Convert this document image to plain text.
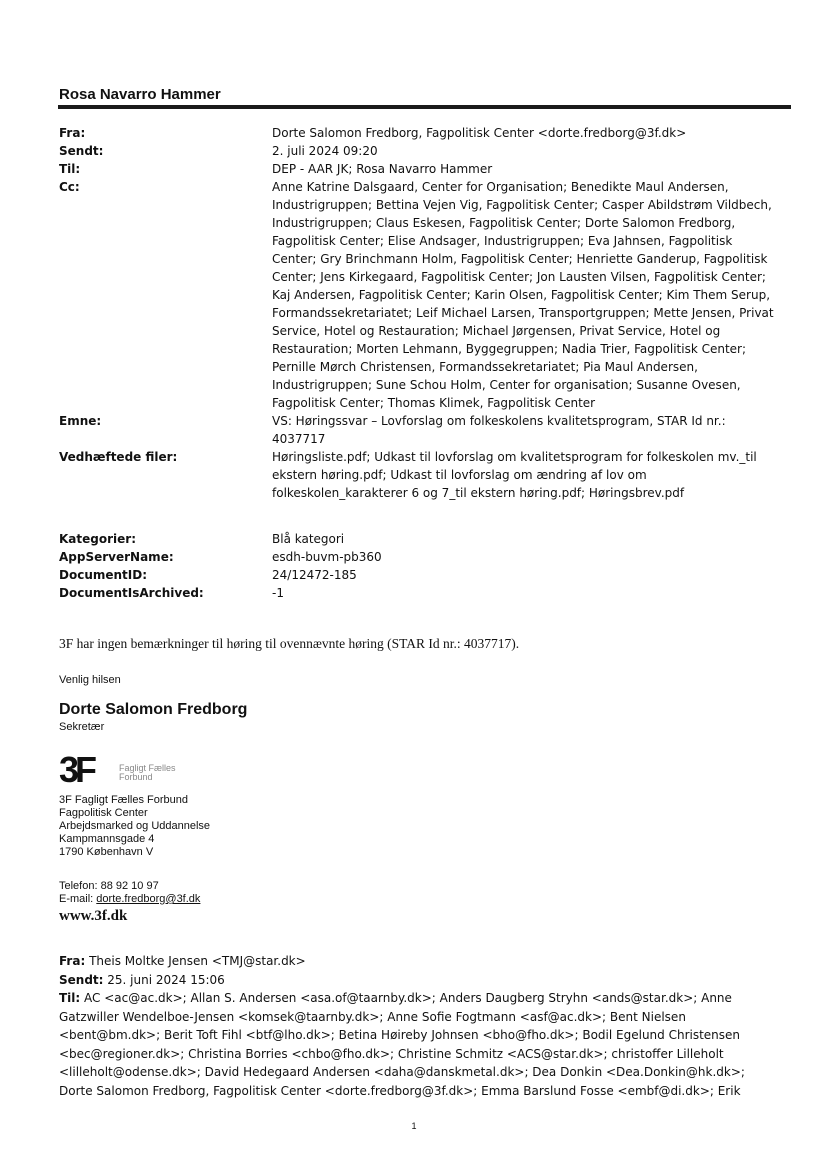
Rosa Navarro Hammer
Fra:	Dorte Salomon Fredborg, Fagpolitisk Center <dorte.fredborg@3f.dk>
Sendt:	2. juli 2024 09:20
Til:	DEP - AAR JK; Rosa Navarro Hammer
Cc:	Anne Katrine Dalsgaard, Center for Organisation; Benedikte Maul Andersen,
Industrigruppen; Bettina Vejen Vig, Fagpolitisk Center; Casper Abildstrøm Vildbech,
Industrigruppen; Claus Eskesen, Fagpolitisk Center; Dorte Salomon Fredborg,
Fagpolitisk Center; Elise Andsager, Industrigruppen; Eva Jahnsen, Fagpolitisk
Center; Gry Brinchmann Holm, Fagpolitisk Center; Henriette Ganderup, Fagpolitisk
Center; Jens Kirkegaard, Fagpolitisk Center; Jon Lausten Vilsen, Fagpolitisk Center;
Kaj Andersen, Fagpolitisk Center; Karin Olsen, Fagpolitisk Center; Kim Them Serup,
Formandssekretariatet; Leif Michael Larsen, Transportgruppen; Mette Jensen, Privat
Service, Hotel og Restauration; Michael Jørgensen, Privat Service, Hotel og
Restauration; Morten Lehmann, Byggegruppen; Nadia Trier, Fagpolitisk Center;
Pernille Mørch Christensen, Formandssekretariatet; Pia Maul Andersen,
Industrigruppen; Sune Schou Holm, Center for organisation; Susanne Ovesen,
Fagpolitisk Center; Thomas Klimek, Fagpolitisk Center
Emne:	VS: Høringssvar – Lovforslag om folkeskolens kvalitetsprogram, STAR Id nr.:
4037717
Vedhæftede filer:	Høringsliste.pdf; Udkast til lovforslag om kvalitetsprogram for folkeskolen mv._til
ekstern høring.pdf; Udkast til lovforslag om ændring af lov om
folkeskolen_karakterer 6 og 7_til ekstern høring.pdf; Høringsbrev.pdf
Kategorier:	Blå kategori
AppServerName:	esdh-buvm-pb360
DocumentID:	24/12472-185
DocumentIsArchived:	-1
3F har ingen bemærkninger til høring til ovennævnte høring (STAR Id nr.: 4037717).
Venlig hilsen
Dorte Salomon Fredborg
Sekretær
3F	Fagligt Fælles
Forbund
3F Fagligt Fælles Forbund
Fagpolitisk Center
Arbejdsmarked og Uddannelse
Kampmannsgade 4
1790 København V
Telefon: 88 92 10 97
E-mail: dorte.fredborg@3f.dk
www.3f.dk
Fra: Theis Moltke Jensen <TMJ@star.dk>
Sendt: 25. juni 2024 15:06
Til: AC <ac@ac.dk>; Allan S. Andersen <asa.of@taarnby.dk>; Anders Daugberg Stryhn <ands@star.dk>; Anne
Gatzwiller Wendelboe-Jensen <komsek@taarnby.dk>; Anne Sofie Fogtmann <asf@ac.dk>; Bent Nielsen
<bent@bm.dk>; Berit Toft Fihl <btf@lho.dk>; Betina Høireby Johnsen <bho@fho.dk>; Bodil Egelund Christensen
<bec@regioner.dk>; Christina Borries <chbo@fho.dk>; Christine Schmitz <ACS@star.dk>; christoffer Lilleholt
<lilleholt@odense.dk>; David Hedegaard Andersen <daha@danskmetal.dk>; Dea Donkin <Dea.Donkin@hk.dk>;
Dorte Salomon Fredborg, Fagpolitisk Center <dorte.fredborg@3f.dk>; Emma Barslund Fosse <embf@di.dk>; Erik
1
